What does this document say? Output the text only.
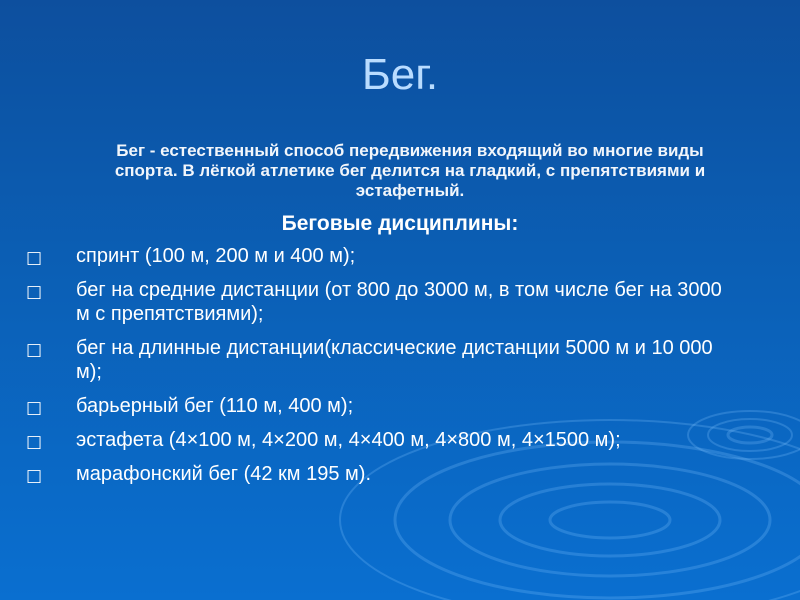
Бег.
Бег - естественный способ передвижения входящий во многие виды спорта. В лёгкой атлетике бег делится на гладкий, с препятствиями и эстафетный.
Беговые дисциплины:
□ спринт (100 м, 200 м и 400 м);
□ бег на средние дистанции (от 800 до 3000 м, в том числе бег на 3000 м с препятствиями);
□ бег на длинные дистанции(классические дистанции 5000 м и 10 000 м);
□ барьерный бег (110 м, 400 м);
□ эстафета (4×100 м, 4×200 м, 4×400 м, 4×800 м, 4×1500 м);
□ марафонский бег (42 км 195 м).
